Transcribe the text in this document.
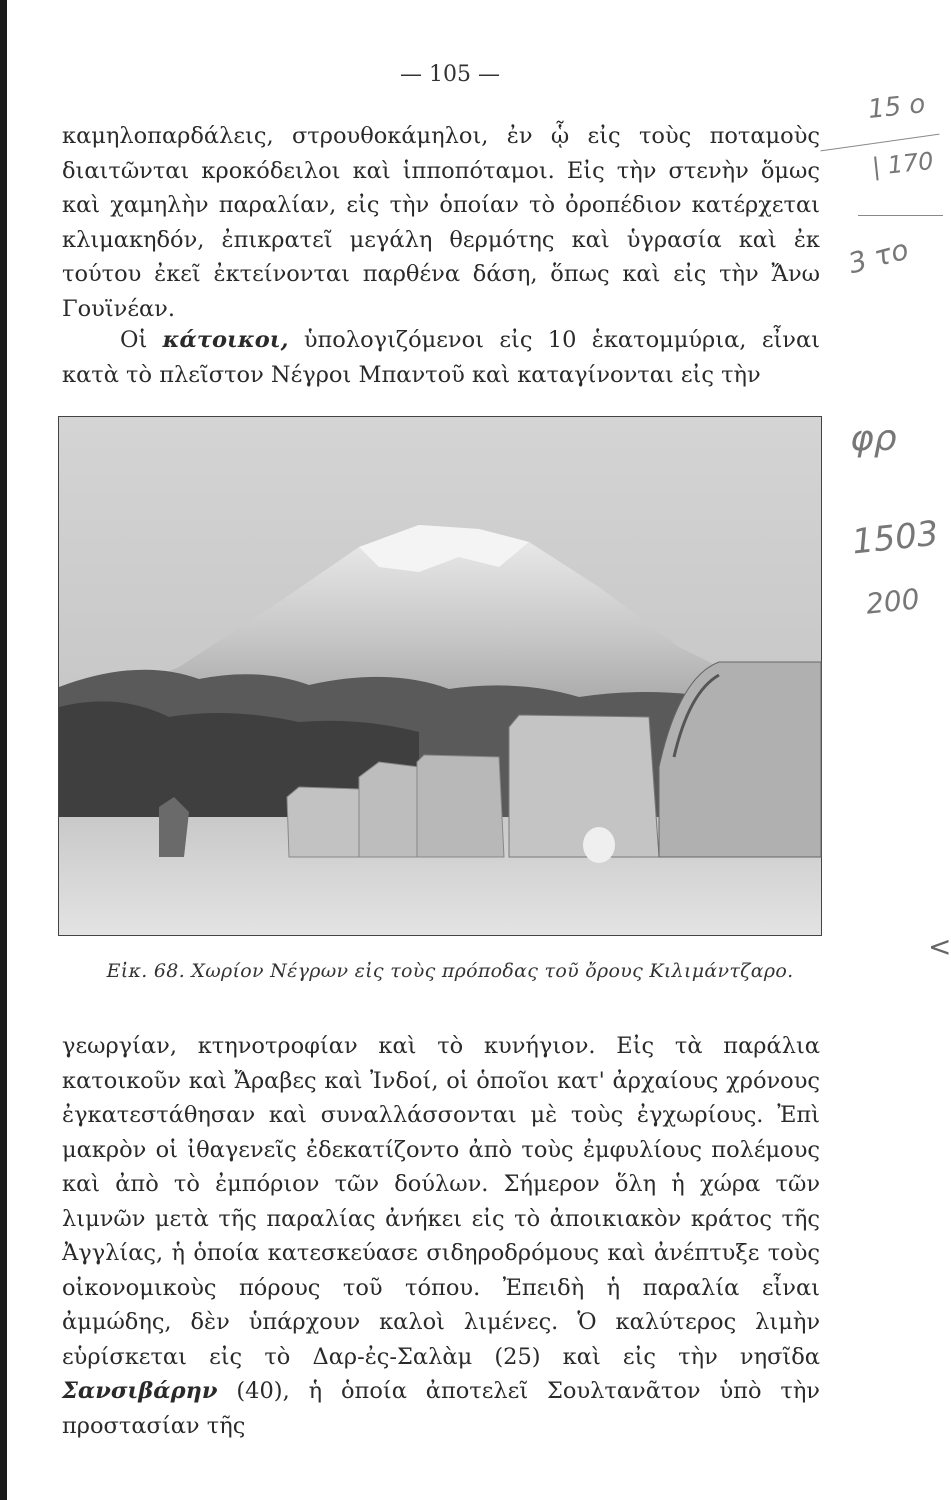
— 105 —

καμηλοπαρδάλεις, στρουθοκάμηλοι, ἐν ᾧ εἰς τοὺς ποταμοὺς διαιτῶνται κροκόδειλοι καὶ ἱπποπόταμοι. Εἰς τὴν στενὴν ὅμως καὶ χαμηλὴν παραλίαν, εἰς τὴν ὁποίαν τὸ ὀροπέδιον κατέρχεται κλιμακηδόν, ἐπικρατεῖ μεγάλη θερμότης καὶ ὑγρασία καὶ ἐκ τούτου ἐκεῖ ἐκτείνονται παρθένα δάση, ὅπως καὶ εἰς τὴν Ἄνω Γουϊνέαν.

Οἱ κάτοικοι, ὑπολογιζόμενοι εἰς 10 ἑκατομμύρια, εἶναι κατὰ τὸ πλεῖστον Νέγροι Μπαντοῦ καὶ καταγίνονται εἰς τὴν

Εἰκ. 68. Χωρίον Νέγρων εἰς τοὺς πρόποδας τοῦ ὄρους Κιλιμάντζαρο.

γεωργίαν, κτηνοτροφίαν καὶ τὸ κυνήγιον. Εἰς τὰ παράλια κατοικοῦν καὶ Ἄραβες καὶ Ἰνδοί, οἱ ὁποῖοι κατ' ἀρχαίους χρόνους ἐγκατεστάθησαν καὶ συναλλάσσονται μὲ τοὺς ἐγχωρίους. Ἐπὶ μακρὸν οἱ ἰθαγενεῖς ἐδεκατίζοντο ἀπὸ τοὺς ἐμφυλίους πολέμους καὶ ἀπὸ τὸ ἐμπόριον τῶν δούλων. Σήμερον ὅλη ἡ χώρα τῶν λιμνῶν μετὰ τῆς παραλίας ἀνήκει εἰς τὸ ἀποικιακὸν κράτος τῆς Ἀγγλίας, ἡ ὁποία κατεσκεύασε σιδηροδρόμους καὶ ἀνέπτυξε τοὺς οἰκονομικοὺς πόρους τοῦ τόπου. Ἐπειδὴ ἡ παραλία εἶναι ἀμμώδης, δὲν ὑπάρχουν καλοὶ λιμένες. Ὁ καλύτερος λιμὴν εὑρίσκεται εἰς τὸ Δαρ-ἐς-Σαλὰμ (25) καὶ εἰς τὴν νησῖδα Σανσιβάρην (40), ἡ ὁποία ἀποτελεῖ Σουλτανᾶτον ὑπὸ τὴν προστασίαν τῆς

15 ο
| 170
3 το
φρ
1503
200
<
